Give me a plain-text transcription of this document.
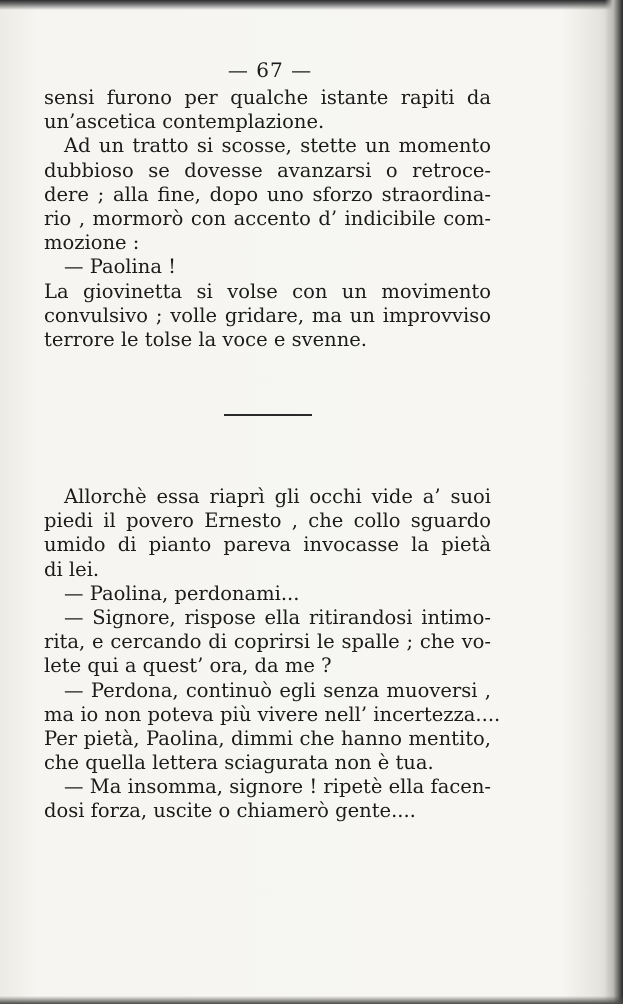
— 67 —
sensi furono per qualche istante rapiti da
un’ascetica contemplazione.
Ad un tratto si scosse, stette un momento
dubbioso se dovesse avanzarsi o retroce-
dere ; alla fine, dopo uno sforzo straordina-
rio , mormorò con accento d’ indicibile com-
mozione :
— Paolina !
La giovinetta si volse con un movimento
convulsivo ; volle gridare, ma un improvviso
terrore le tolse la voce e svenne.
Allorchè essa riaprì gli occhi vide a’ suoi
piedi il povero Ernesto , che collo sguardo
umido di pianto pareva invocasse la pietà
di lei.
— Paolina, perdonami...
— Signore, rispose ella ritirandosi intimo-
rita, e cercando di coprirsi le spalle ; che vo-
lete qui a quest’ ora, da me ?
— Perdona, continuò egli senza muoversi ,
ma io non poteva più vivere nell’ incertezza....
Per pietà, Paolina, dimmi che hanno mentito,
che quella lettera sciagurata non è tua.
— Ma insomma, signore ! ripetè ella facen-
dosi forza, uscite o chiamerò gente....
